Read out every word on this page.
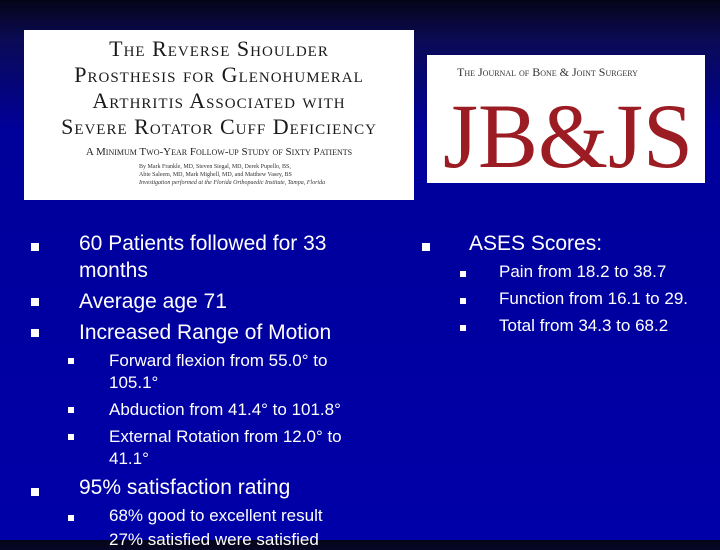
The Reverse Shoulder
Prosthesis for Glenohumeral
Arthritis Associated with
Severe Rotator Cuff Deficiency
A Minimum Two-Year Follow-up Study of Sixty Patients
By Mark Frankle, MD, Steven Siegal, MD, Derek Pupello, BS,
Abie Saleem, MD, Mark Mighell, MD, and Matthew Vasey, BS
Investigation performed at the Florida Orthopaedic Institute, Tampa, Florida
The Journal of Bone & Joint Surgery
JB&JS
60 Patients followed for 33
months
Average age 71
Increased Range of Motion
Forward flexion from 55.0° to
105.1°
Abduction from 41.4° to 101.8°
External Rotation from 12.0° to
41.1°
95% satisfaction rating
68% good to excellent result
27% satisfied were satisfied
ASES Scores:
Pain from 18.2 to 38.7
Function from 16.1 to 29.
Total from 34.3 to 68.2
